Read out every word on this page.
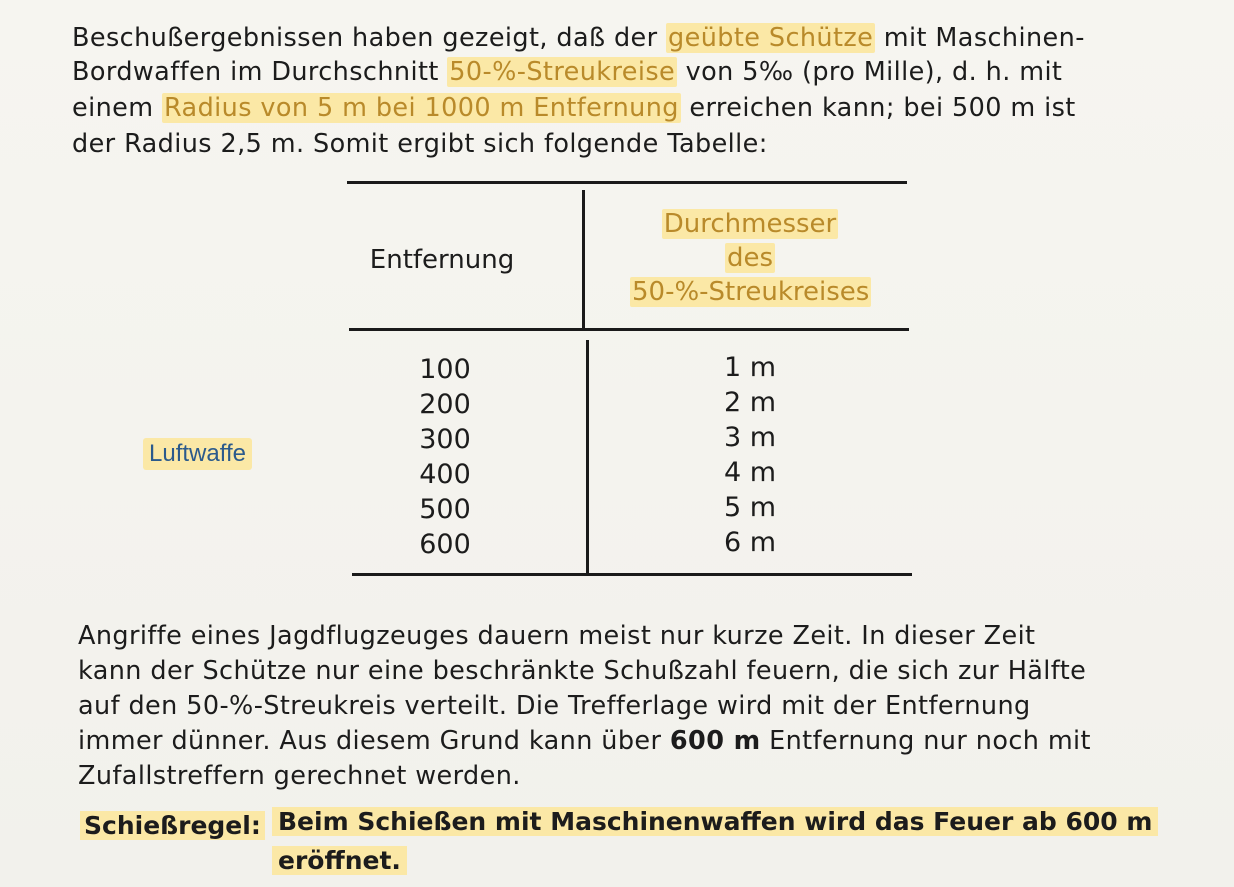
Beschußergebnissen haben gezeigt, daß der geübte Schütze mit Maschinen-
Bordwaffen im Durchschnitt 50-%-Streukreise von 5‰ (pro Mille), d. h. mit
einem Radius von 5 m bei 1000 m Entfernung erreichen kann; bei 500 m ist
der Radius 2,5 m. Somit ergibt sich folgende Tabelle:
Entfernung
Durchmesser
des
50-%-Streukreises
100
200
300
400
500
600
1 m
2 m
3 m
4 m
5 m
6 m
Luftwaffe
Angriffe eines Jagdflugzeuges dauern meist nur kurze Zeit. In dieser Zeit
kann der Schütze nur eine beschränkte Schußzahl feuern, die sich zur Hälfte
auf den 50-%-Streukreis verteilt. Die Trefferlage wird mit der Entfernung
immer dünner. Aus diesem Grund kann über 600 m Entfernung nur noch mit
Zufallstreffern gerechnet werden.
Schießregel: Beim Schießen mit Maschinenwaffen wird das Feuer ab 600 m
eröffnet.
